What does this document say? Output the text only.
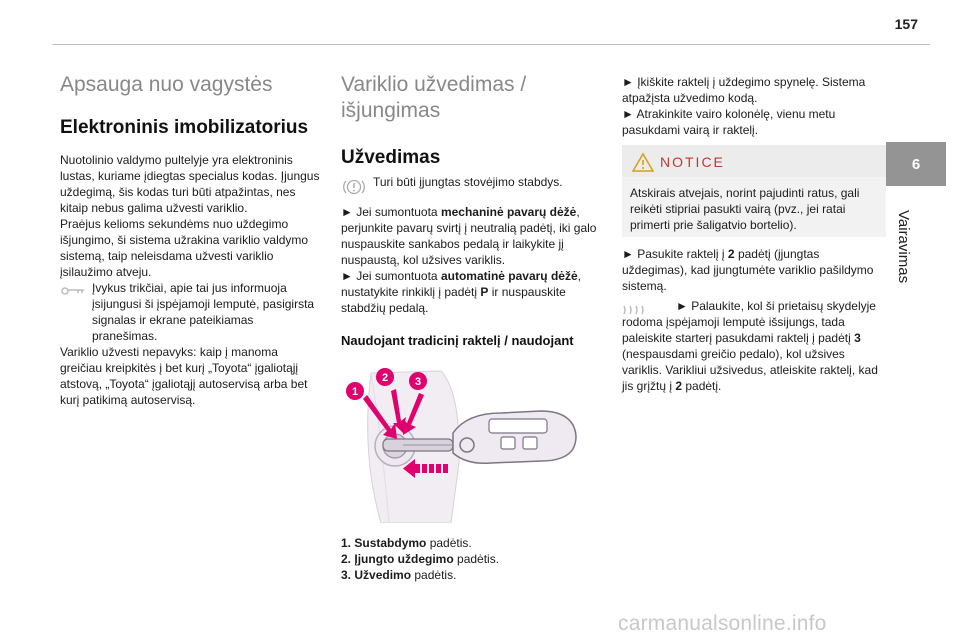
157
6
Vairavimas
Apsauga nuo vagystės
Elektroninis imobilizatorius

Nuotolinio valdymo pultelyje yra elektroninis lustas, kuriame įdiegtas specialus kodas. Įjungus uždegimą, šis kodas turi būti atpažintas, nes kitaip nebus galima užvesti variklio.

Praėjus kelioms sekundėms nuo uždegimo išjungimo, ši sistema užrakina variklio valdymo sistemą, taip neleisdama užvesti variklio įsilaužimo atveju.

Įvykus trikčiai, apie tai jus informuoja įsijungusi ši įspėjamoji lemputė, pasigirsta signalas ir ekrane pateikiamas pranešimas.

Variklio užvesti nepavyks: kaip į manoma greičiau kreipkitės į bet kurį „Toyota“ įgaliotąjį atstovą, „Toyota“ įgaliotąjį autoservisą arba bet kurį patikimą autoservisą.

Variklio užvedimas /
išjungimas
Užvedimas
Turi būti įjungtas stovėjimo stabdys.

► Jei sumontuota mechaninė pavarų dėžė, perjunkite pavarų svirtį į neutralią padėtį, iki galo nuspauskite sankabos pedalą ir laikykite jį nuspaustą, kol užsives variklis.

► Jei sumontuota automatinė pavarų dėžė, nustatykite rinkiklį į padėtį P ir nuspauskite stabdžių pedalą.

Naudojant tradicinį raktelį / naudojant
1
2 3
1. Sustabdymo padėtis.
2. Įjungto uždegimo padėtis.
3. Užvedimo padėtis.

► Įkiškite raktelį į uždegimo spynelę. Sistema atpažįsta užvedimo kodą.

► Atrakinkite vairo kolonėlę, vienu metu pasukdami vairą ir raktelį.

NOTICE
Atskirais atvejais, norint pajudinti ratus, gali reikėti stipriai pasukti vairą (pvz., jei ratai primerti prie šaligatvio bortelio).

► Pasukite raktelį į 2 padėtį (įjungtas uždegimas), kad įjungtumėte variklio pašildymo sistemą.

► Palaukite, kol ši prietaisų skydelyje rodoma įspėjamoji lemputė išsijungs, tada paleiskite starterį pasukdami raktelį į padėtį 3 (nespausdami greičio pedalo), kol užsives variklis. Varikliui užsivedus, atleiskite raktelį, kad jis grįžtų į 2 padėtį.
carmanualsonline.info
